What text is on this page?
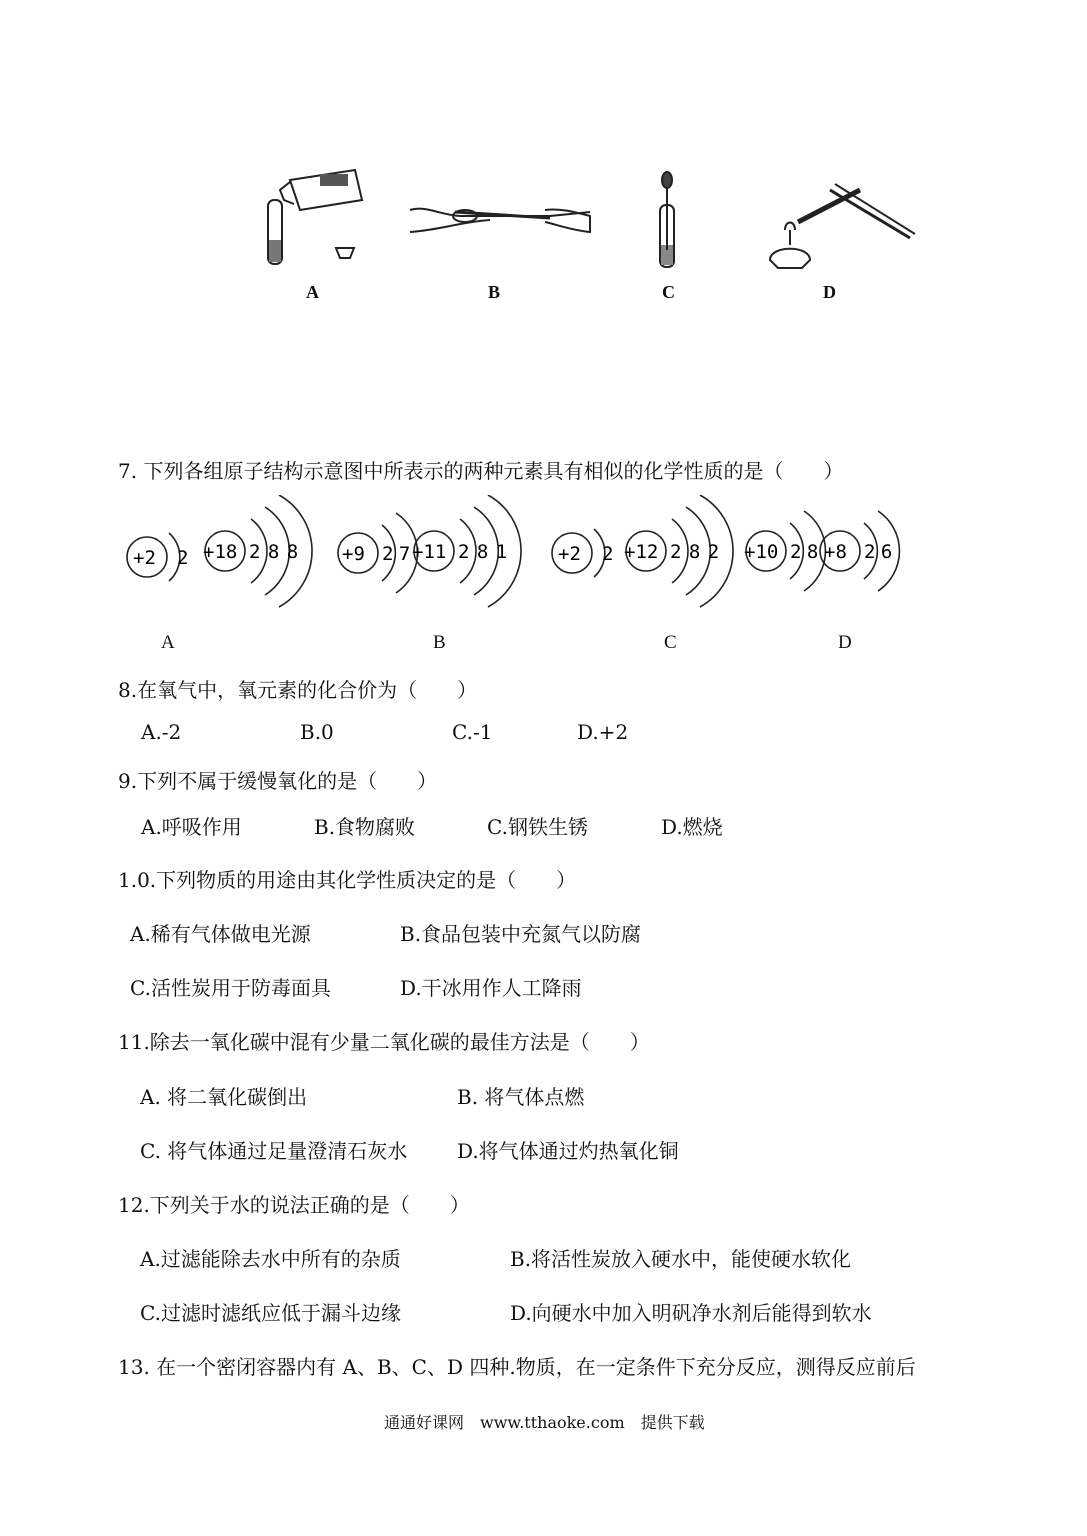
A	B	C	D
7. 下列各组原子结构示意图中所表示的两种元素具有相似的化学性质的是（　　）
+2 2 +18 2 8 8 +9 2 7 +11 2 8 1	+2 2 +12 2 8 2 +10 2 8 +8 2 6
A	B	C	D
8.在氧气中，氧元素的化合价为（　　）
A.-2	B.0	C.-1	D.+2
9.下列不属于缓慢氧化的是（　　）
A.呼吸作用	B.食物腐败	C.钢铁生锈	D.燃烧
1.0.下列物质的用途由其化学性质决定的是（　　）
A.稀有气体做电光源	B.食品包装中充氮气以防腐
C.活性炭用于防毒面具	D.干冰用作人工降雨
11.除去一氧化碳中混有少量二氧化碳的最佳方法是（　　）
A. 将二氧化碳倒出	B. 将气体点燃
C. 将气体通过足量澄清石灰水 D.将气体通过灼热氧化铜
12.下列关于水的说法正确的是（　　）
A.过滤能除去水中所有的杂质	B.将活性炭放入硬水中，能使硬水软化
C.过滤时滤纸应低于漏斗边缘	D.向硬水中加入明矾净水剂后能得到软水
13. 在一个密闭容器内有 A、B、C、D 四种.物质，在一定条件下充分反应，测得反应前后
通通好课网　www.tthaoke.com　提供下载
